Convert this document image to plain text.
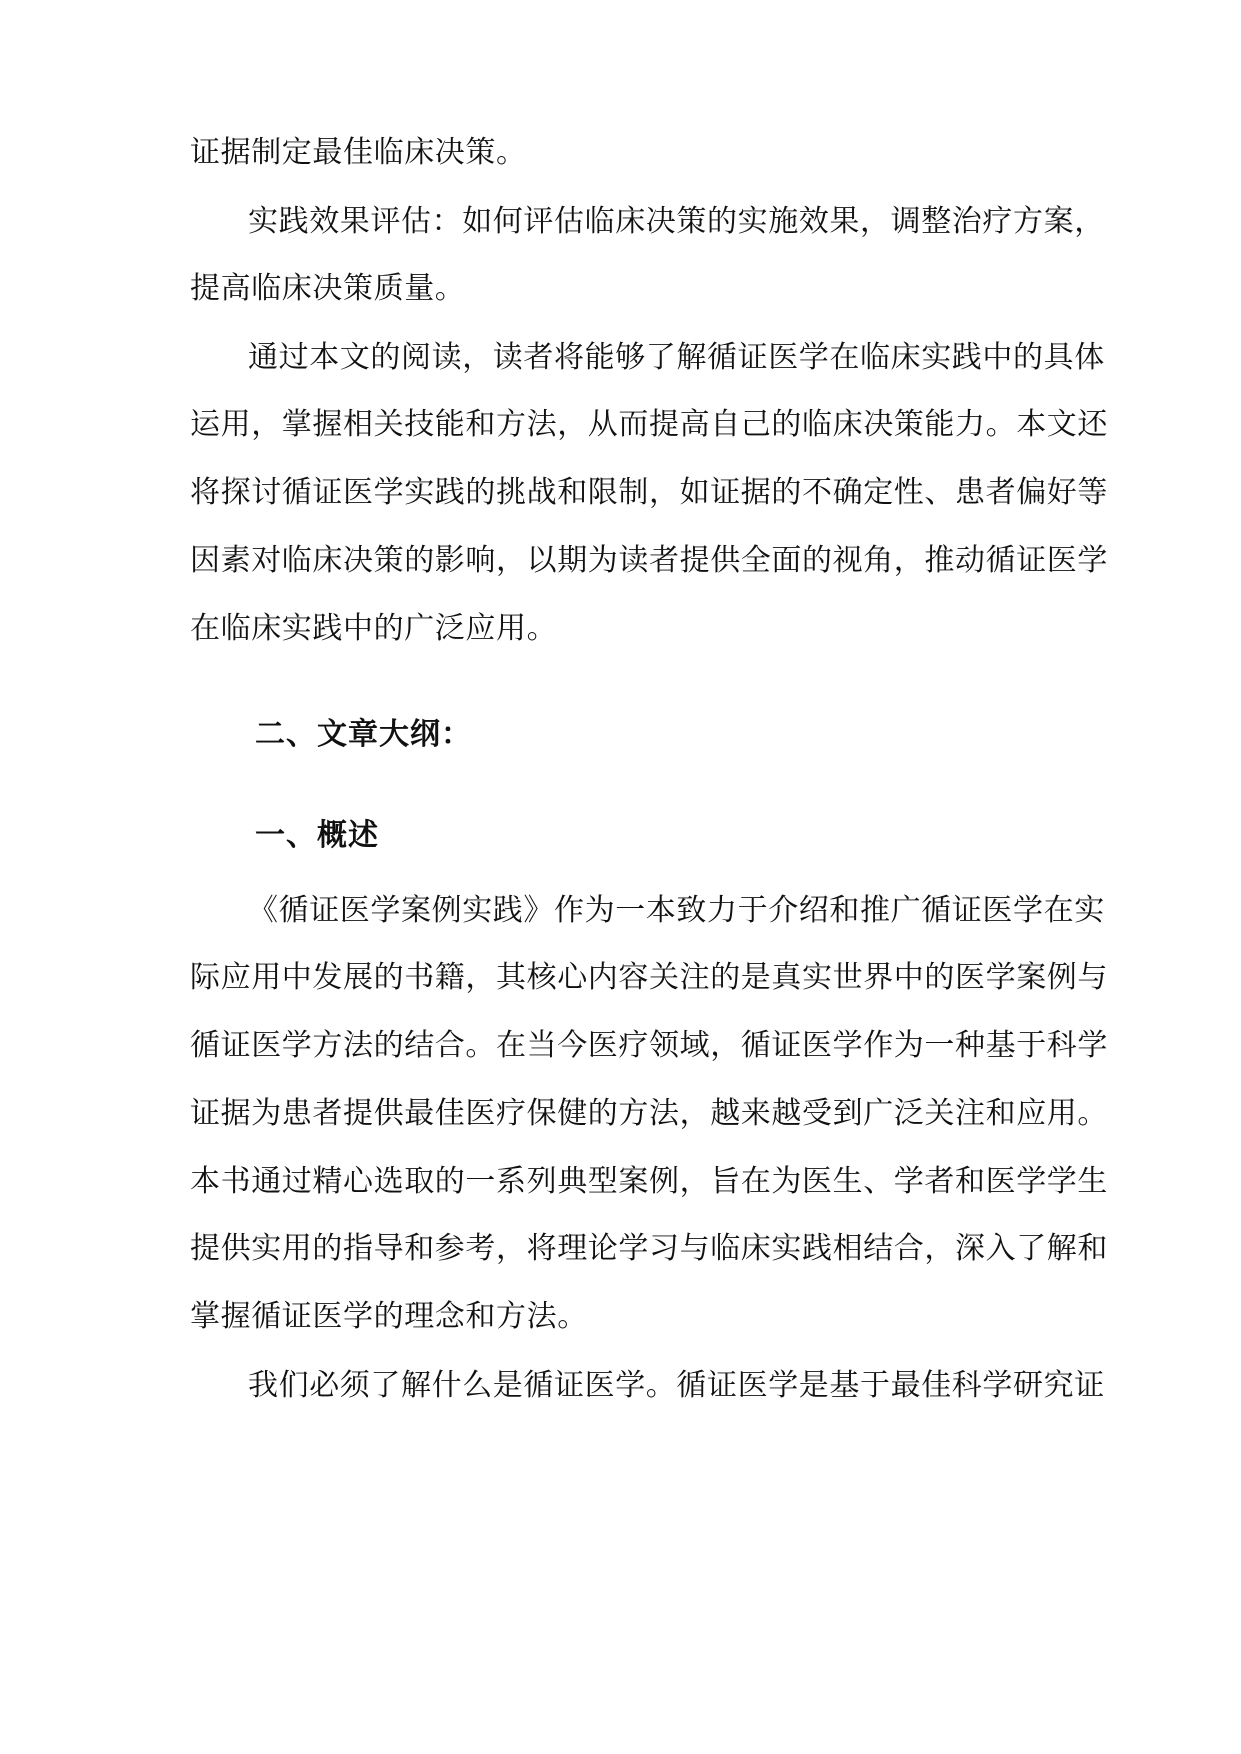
证据制定最佳临床决策。
实践效果评估：如何评估临床决策的实施效果，调整治疗方案，
提高临床决策质量。
通过本文的阅读，读者将能够了解循证医学在临床实践中的具体
运用，掌握相关技能和方法，从而提高自己的临床决策能力。本文还
将探讨循证医学实践的挑战和限制，如证据的不确定性、患者偏好等
因素对临床决策的影响，以期为读者提供全面的视角，推动循证医学
在临床实践中的广泛应用。
二、文章大纲：
一、概述
《循证医学案例实践》作为一本致力于介绍和推广循证医学在实
际应用中发展的书籍，其核心内容关注的是真实世界中的医学案例与
循证医学方法的结合。在当今医疗领域，循证医学作为一种基于科学
证据为患者提供最佳医疗保健的方法，越来越受到广泛关注和应用。
本书通过精心选取的一系列典型案例，旨在为医生、学者和医学学生
提供实用的指导和参考，将理论学习与临床实践相结合，深入了解和
掌握循证医学的理念和方法。
我们必须了解什么是循证医学。循证医学是基于最佳科学研究证
